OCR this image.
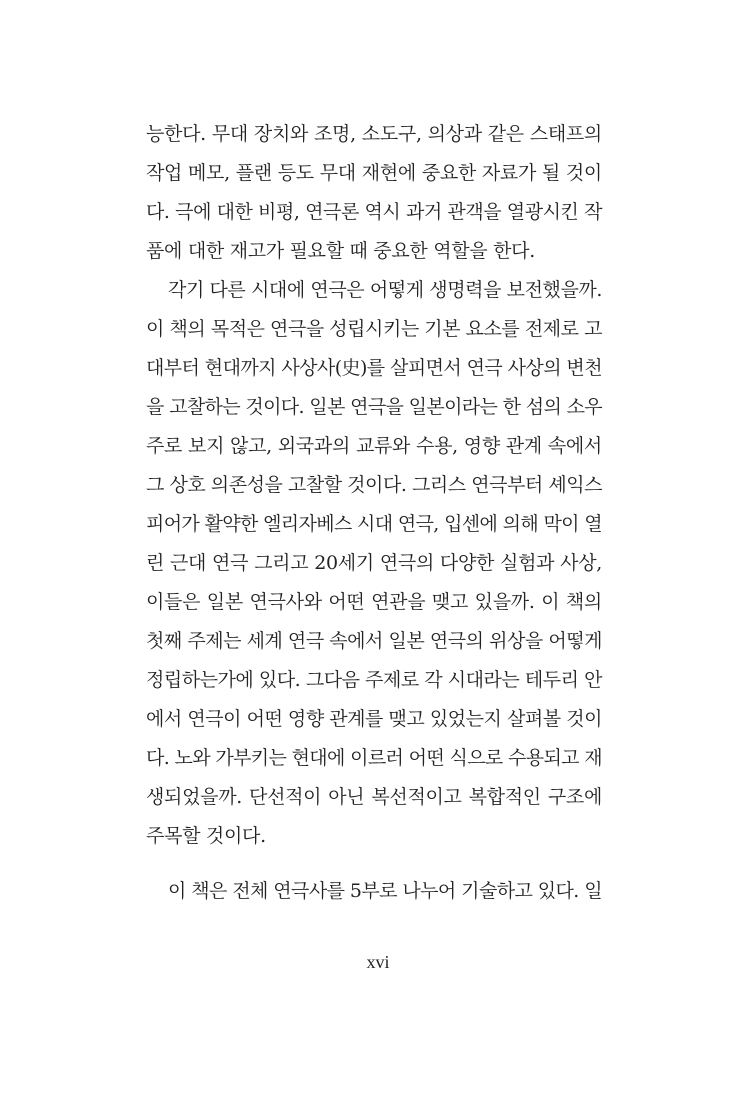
능한다. 무대 장치와 조명, 소도구, 의상과 같은 스태프의
작업 메모, 플랜 등도 무대 재현에 중요한 자료가 될 것이
다. 극에 대한 비평, 연극론 역시 과거 관객을 열광시킨 작
품에 대한 재고가 필요할 때 중요한 역할을 한다.
각기 다른 시대에 연극은 어떻게 생명력을 보전했을까.
이 책의 목적은 연극을 성립시키는 기본 요소를 전제로 고
대부터 현대까지 사상사(史)를 살피면서 연극 사상의 변천
을 고찰하는 것이다. 일본 연극을 일본이라는 한 섬의 소우
주로 보지 않고, 외국과의 교류와 수용, 영향 관계 속에서
그 상호 의존성을 고찰할 것이다. 그리스 연극부터 셰익스
피어가 활약한 엘리자베스 시대 연극, 입센에 의해 막이 열
린 근대 연극 그리고 20세기 연극의 다양한 실험과 사상,
이들은 일본 연극사와 어떤 연관을 맺고 있을까. 이 책의
첫째 주제는 세계 연극 속에서 일본 연극의 위상을 어떻게
정립하는가에 있다. 그다음 주제로 각 시대라는 테두리 안
에서 연극이 어떤 영향 관계를 맺고 있었는지 살펴볼 것이
다. 노와 가부키는 현대에 이르러 어떤 식으로 수용되고 재
생되었을까. 단선적이 아닌 복선적이고 복합적인 구조에
주목할 것이다.
이 책은 전체 연극사를 5부로 나누어 기술하고 있다. 일
xvi
